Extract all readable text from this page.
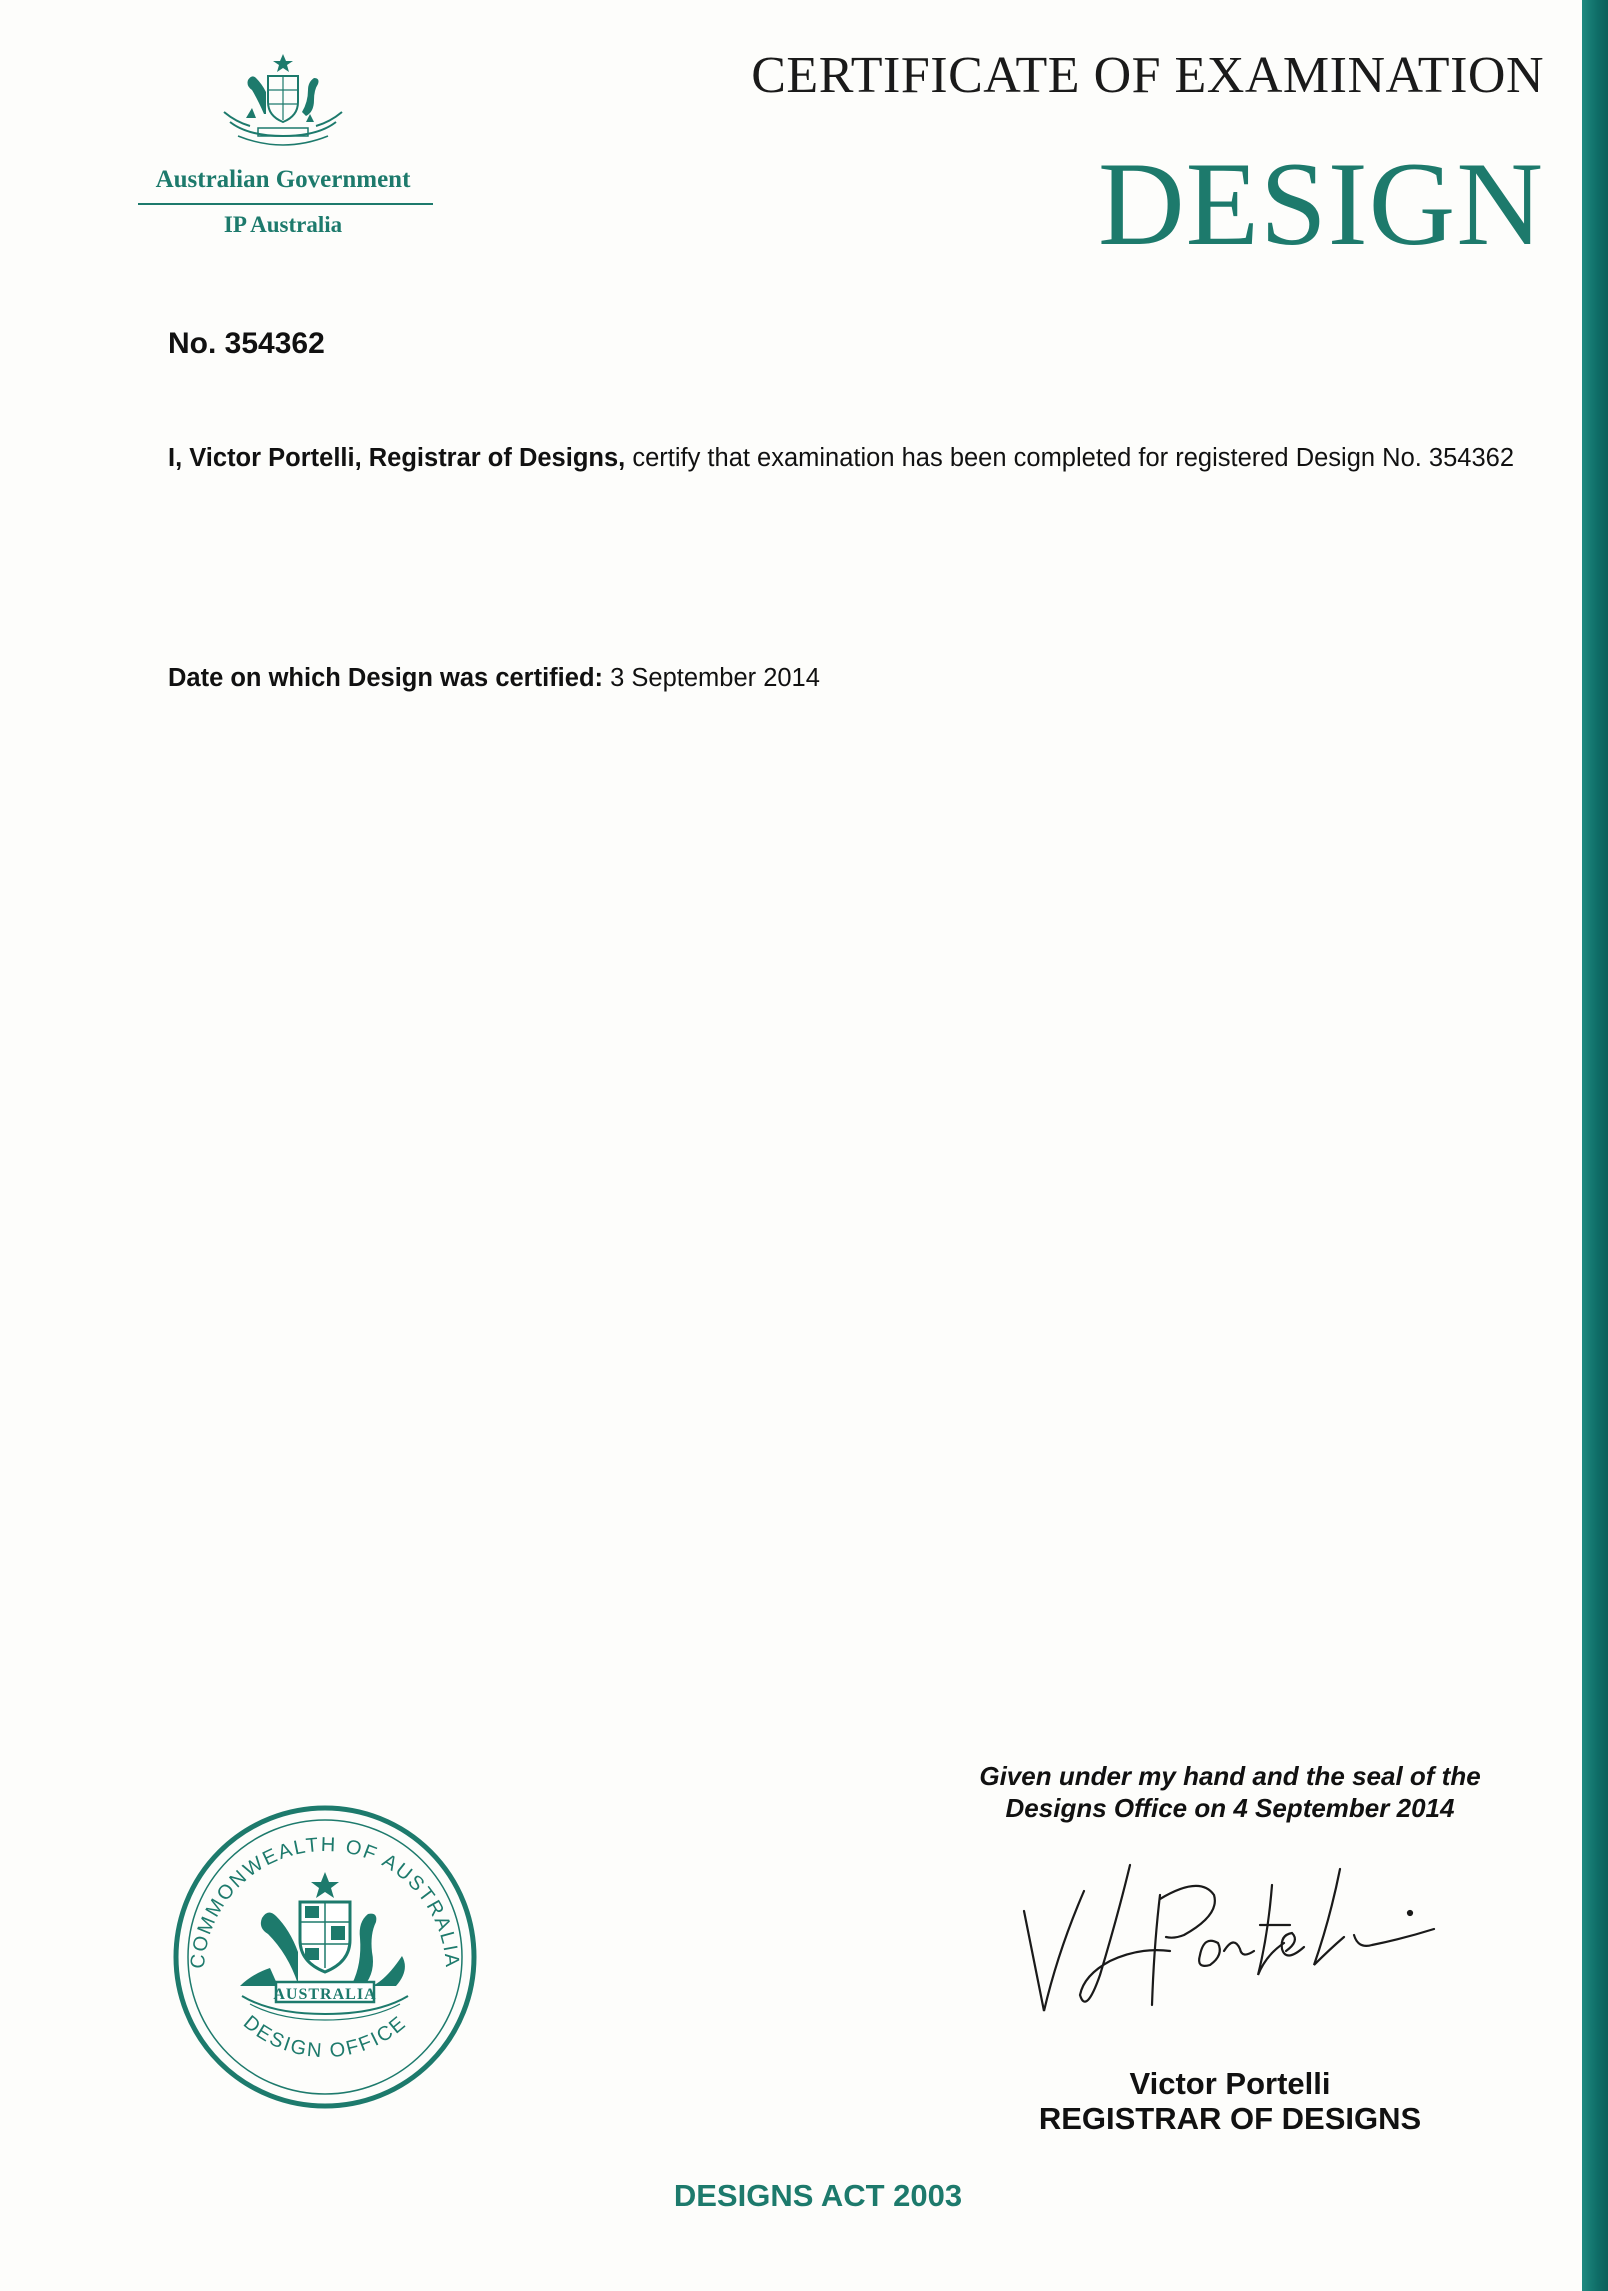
Australian Government
IP Australia
CERTIFICATE OF EXAMINATION
DESIGN
No. 354362
I, Victor Portelli, Registrar of Designs, certify that examination has been completed for registered Design No. 354362
Date on which Design was certified: 3 September 2014
Given under my hand and the seal of the
Designs Office on 4 September 2014
Victor Portelli
REGISTRAR OF DESIGNS
COMMONWEALTH OF AUSTRALIA
DESIGN OFFICE
AUSTRALIA
DESIGNS ACT 2003
